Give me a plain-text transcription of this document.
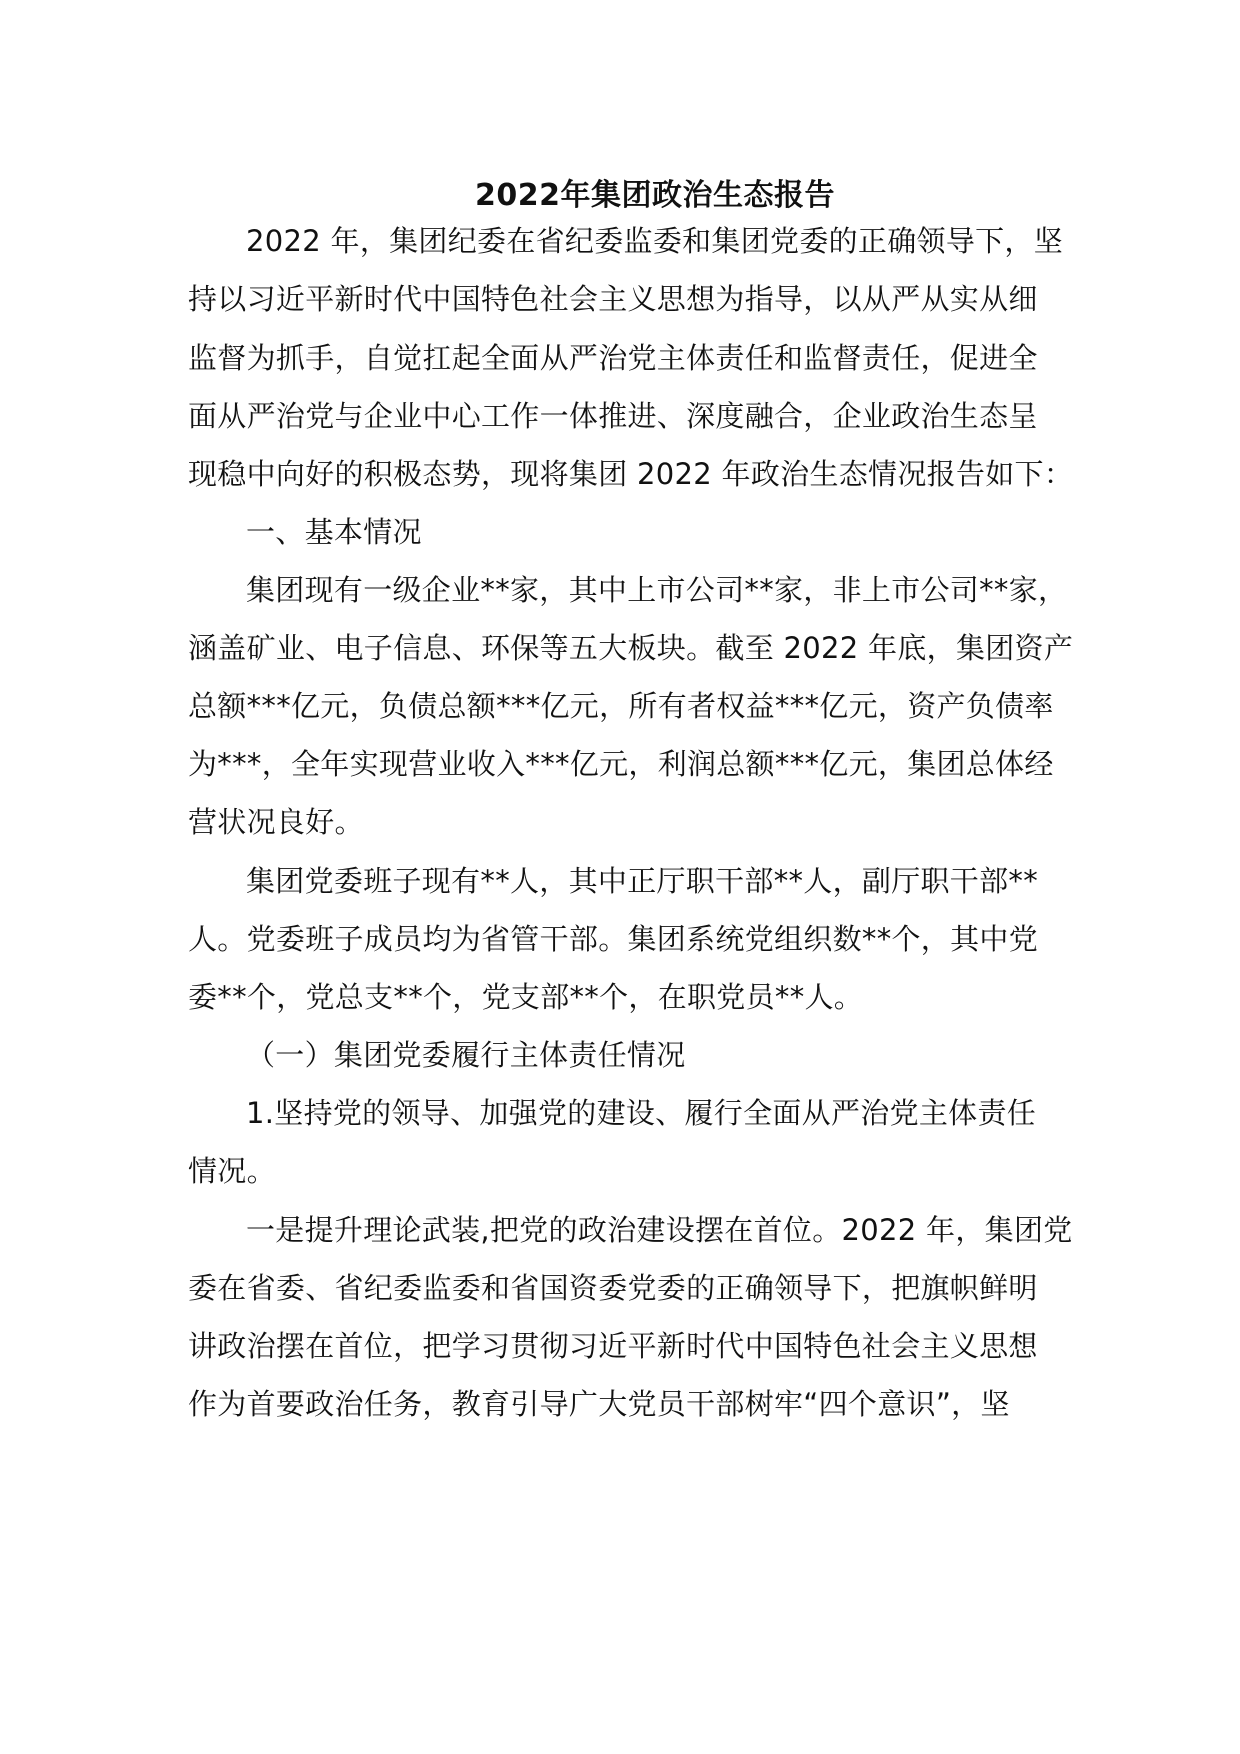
2022年集团政治生态报告
2022 年，集团纪委在省纪委监委和集团党委的正确领导下，坚
持以习近平新时代中国特色社会主义思想为指导，以从严从实从细
监督为抓手，自觉扛起全面从严治党主体责任和监督责任，促进全
面从严治党与企业中心工作一体推进、深度融合，企业政治生态呈
现稳中向好的积极态势，现将集团 2022 年政治生态情况报告如下：
一、基本情况
集团现有一级企业**家，其中上市公司**家，非上市公司**家，
涵盖矿业、电子信息、环保等五大板块。截至 2022 年底，集团资产
总额***亿元，负债总额***亿元，所有者权益***亿元，资产负债率
为***，全年实现营业收入***亿元，利润总额***亿元，集团总体经
营状况良好。
集团党委班子现有**人，其中正厅职干部**人，副厅职干部**
人。党委班子成员均为省管干部。集团系统党组织数**个，其中党
委**个，党总支**个，党支部**个，在职党员**人。
（一）集团党委履行主体责任情况
1.坚持党的领导、加强党的建设、履行全面从严治党主体责任
情况。
一是提升理论武装,把党的政治建设摆在首位。2022 年，集团党
委在省委、省纪委监委和省国资委党委的正确领导下，把旗帜鲜明
讲政治摆在首位，把学习贯彻习近平新时代中国特色社会主义思想
作为首要政治任务，教育引导广大党员干部树牢“四个意识”，坚
